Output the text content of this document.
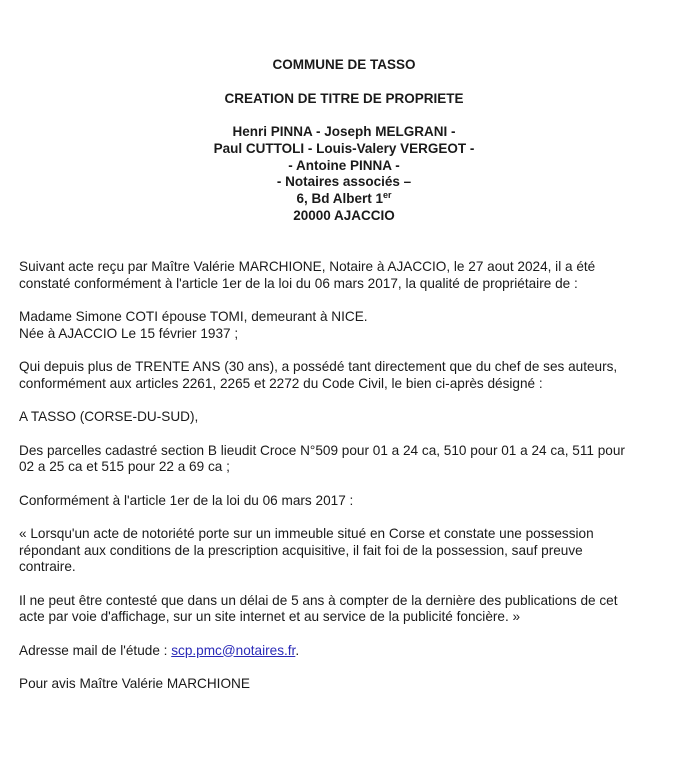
COMMUNE DE TASSO
CREATION DE TITRE DE PROPRIETE
Henri PINNA - Joseph MELGRANI -
Paul CUTTOLI - Louis-Valery VERGEOT -
- Antoine PINNA -
- Notaires associés –
6, Bd Albert 1er
20000 AJACCIO

Suivant acte reçu par Maître Valérie MARCHIONE, Notaire à AJACCIO, le 27 aout 2024, il a été
constaté conformément à l'article 1er de la loi du 06 mars 2017, la qualité de propriétaire de :

Madame Simone COTI épouse TOMI, demeurant à NICE.
Née à AJACCIO Le 15 février 1937 ;

Qui depuis plus de TRENTE ANS (30 ans), a possédé tant directement que du chef de ses auteurs,
conformément aux articles 2261, 2265 et 2272 du Code Civil, le bien ci-après désigné :

A TASSO (CORSE-DU-SUD),

Des parcelles cadastré section B lieudit Croce N°509 pour 01 a 24 ca, 510 pour 01 a 24 ca, 511 pour
02 a 25 ca et 515 pour 22 a 69 ca ;

Conformément à l'article 1er de la loi du 06 mars 2017 :

« Lorsqu'un acte de notoriété porte sur un immeuble situé en Corse et constate une possession
répondant aux conditions de la prescription acquisitive, il fait foi de la possession, sauf preuve
contraire.

Il ne peut être contesté que dans un délai de 5 ans à compter de la dernière des publications de cet
acte par voie d'affichage, sur un site internet et au service de la publicité foncière. »

Adresse mail de l'étude : scp.pmc@notaires.fr.

Pour avis Maître Valérie MARCHIONE
